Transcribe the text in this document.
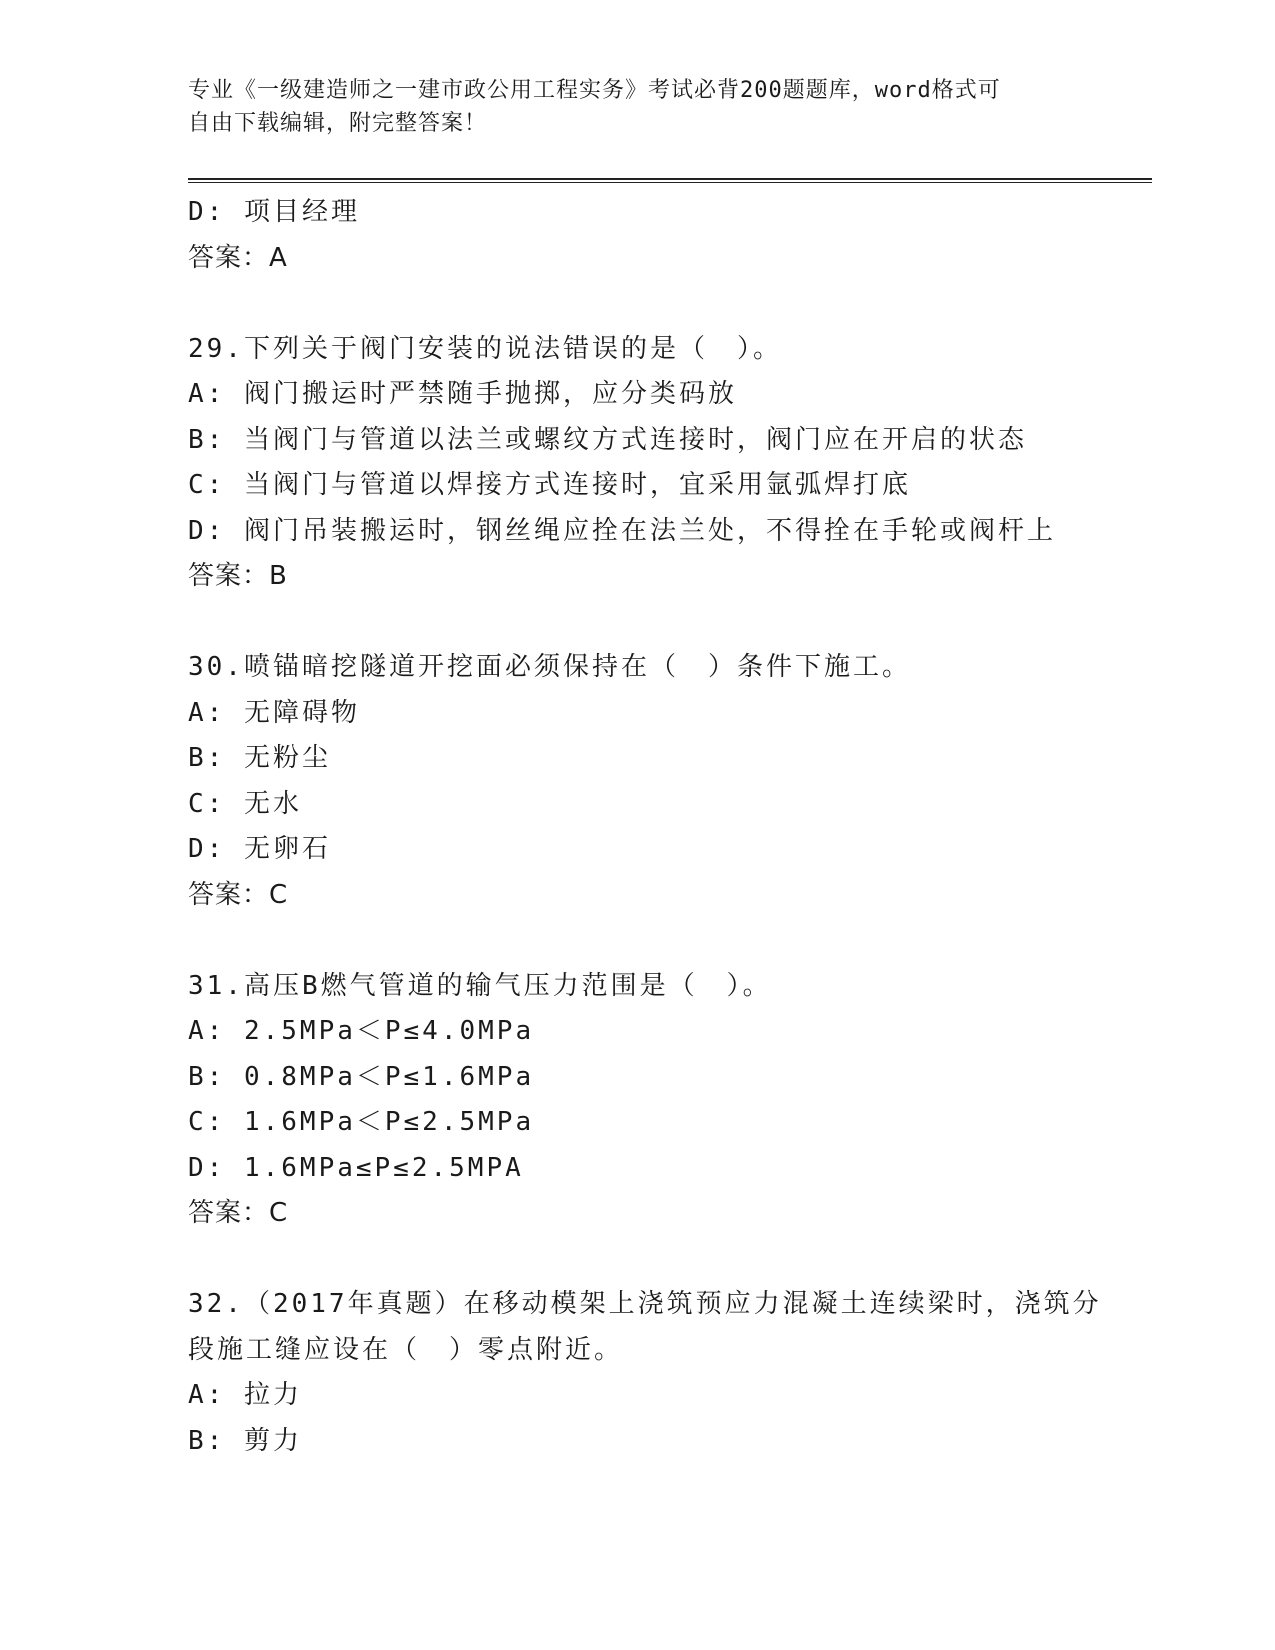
专业《一级建造师之一建市政公用工程实务》考试必背200题题库，word格式可
自由下载编辑，附完整答案！
D: 项目经理
答案：A
29.下列关于阀门安装的说法错误的是（　）。
A: 阀门搬运时严禁随手抛掷，应分类码放
B: 当阀门与管道以法兰或螺纹方式连接时，阀门应在开启的状态
C: 当阀门与管道以焊接方式连接时，宜采用氩弧焊打底
D: 阀门吊装搬运时，钢丝绳应拴在法兰处，不得拴在手轮或阀杆上
答案：B
30.喷锚暗挖隧道开挖面必须保持在（　）条件下施工。
A: 无障碍物
B: 无粉尘
C: 无水
D: 无卵石
答案：C
31.高压B燃气管道的输气压力范围是（　）。
A: 2.5MPa＜P≤4.0MPa
B: 0.8MPa＜P≤1.6MPa
C: 1.6MPa＜P≤2.5MPa
D: 1.6MPa≤P≤2.5MPA
答案：C
32.（2017年真题）在移动模架上浇筑预应力混凝土连续梁时，浇筑分
段施工缝应设在（　）零点附近。
A: 拉力
B: 剪力
